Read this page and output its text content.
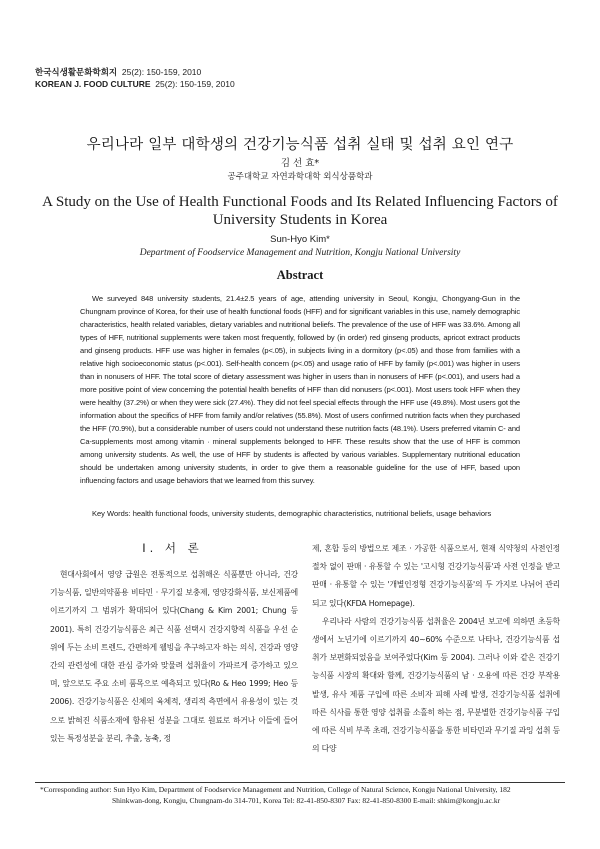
한국식생활문화학회지 25(2): 150-159, 2010
KOREAN J. FOOD CULTURE 25(2): 150-159, 2010
우리나라 일부 대학생의 건강기능식품 섭취 실태 및 섭취 요인 연구
김 선 효*
공주대학교 자연과학대학 외식상품학과
A Study on the Use of Health Functional Foods and Its Related Influencing Factors of
University Students in Korea
Sun-Hyo Kim*
Department of Foodservice Management and Nutrition, Kongju National University
Abstract

We surveyed 848 university students, 21.4±2.5 years of age, attending university in Seoul, Kongju, Chongyang-Gun in the Chungnam province of Korea, for their use of health functional foods (HFF) and for significant variables in this use, namely demographic characteristics, health related variables, dietary variables and nutritional beliefs. The prevalence of the use of HFF was 33.6%. Among all types of HFF, nutritional supplements were taken most frequently, followed by (in order) red ginseng products, apricot extract products and ginseng products. HFF use was higher in females (p<.05), in subjects living in a dormitory (p<.05) and those from families with a relative high socioeconomic status (p<.001). Self-health concern (p<.05) and usage ratio of HFF by family (p<.001) was higher in users than in nonusers of HFF. The total score of dietary assessment was higher in users than in nonusers of HFF (p<.001), and users had a more positive point of view concerning the potential health benefits of HFF than did nonusers (p<.001). Most users took HFF when they were healthy (37.2%) or when they were sick (27.4%). They did not feel special effects through the HFF use (49.8%). Most users got the information about the specifics of HFF from family and/or relatives (55.8%). Most of users confirmed nutrition facts when they purchased the HFF (70.9%), but a considerable number of users could not understand these nutrition facts (48.1%). Users preferred vitamin C- and Ca-supplements most among vitamin · mineral supplements belonged to HFF. These results show that the use of HFF is common among university students. As well, the use of HFF by students is affected by various variables. Supplementary nutritional education should be undertaken among university students, in order to give them a reasonable guideline for the use of HFF, based upon influencing factors and usage behaviors that we learned from this survey.

Key Words: health functional foods, university students, demographic characteristics, nutritional beliefs, usage behaviors
I. 서 론

현대사회에서 영양 급원은 전통적으로 섭취해온 식품뿐만 아니라, 건강기능식품, 일반의약품용 비타민 · 무기질 보충제, 영양강화식품, 보신제품에 이르기까지 그 범위가 확대되어 있다(Chang & Kim 2001; Chung 등 2001). 특히 건강기능식품은 최근 식품 선택시 건강지향적 식품을 우선 순위에 두는 소비 트렌드, 간편하게 웰빙을 추구하고자 하는 의식, 건강과 영양간의 관련성에 대한 관심 증가와 맞물려 섭취율이 가파르게 증가하고 있으며, 앞으로도 주요 소비 품목으로 예측되고 있다(Ro & Heo 1999; Heo 등 2006). 건강기능식품은 신체의 육체적, 생리적 측면에서 유용성이 있는 것으로 밝혀진 식품소재에 함유된 성분을 그대로 원료로 하거나 이들에 들어 있는 특정성분을 분리, 추출, 농축, 정

제, 혼합 등의 방법으로 제조 · 가공한 식품으로서, 현재 식약청의 사전인정절차 없이 판매 · 유통할 수 있는 '고시형 건강기능식품'과 사전 인정을 받고 판매 · 유통할 수 있는 '개별인정형 건강기능식품'의 두 가지로 나뉘어 관리되고 있다(KFDA Homepage).

우리나라 사람의 건강기능식품 섭취율은 2004년 보고에 의하면 초등학생에서 노년기에 이르기까지 40~60% 수준으로 나타나, 건강기능식품 섭취가 보편화되었음을 보여주었다(Kim 등 2004). 그러나 이와 같은 건강기능식품 시장의 확대와 함께, 건강기능식품의 남 · 오용에 따른 건강 부작용 발생, 유사 제품 구입에 따른 소비자 피해 사례 발생, 건강기능식품 섭취에 따른 식사를 통한 영양 섭취를 소홀히 하는 점, 무분별한 건강기능식품 구입에 따른 식비 부족 초래, 건강기능식품을 통한 비타민과 무기질 과잉 섭취 등의 다양

*Corresponding author: Sun Hyo Kim, Department of Foodservice Management and Nutrition, College of Natural Science, Kongju National University, 182
Shinkwan-dong, Kongju, Chungnam-do 314-701, Korea Tel: 82-41-850-8307 Fax: 82-41-850-8300 E-mail: shkim@kongju.ac.kr
